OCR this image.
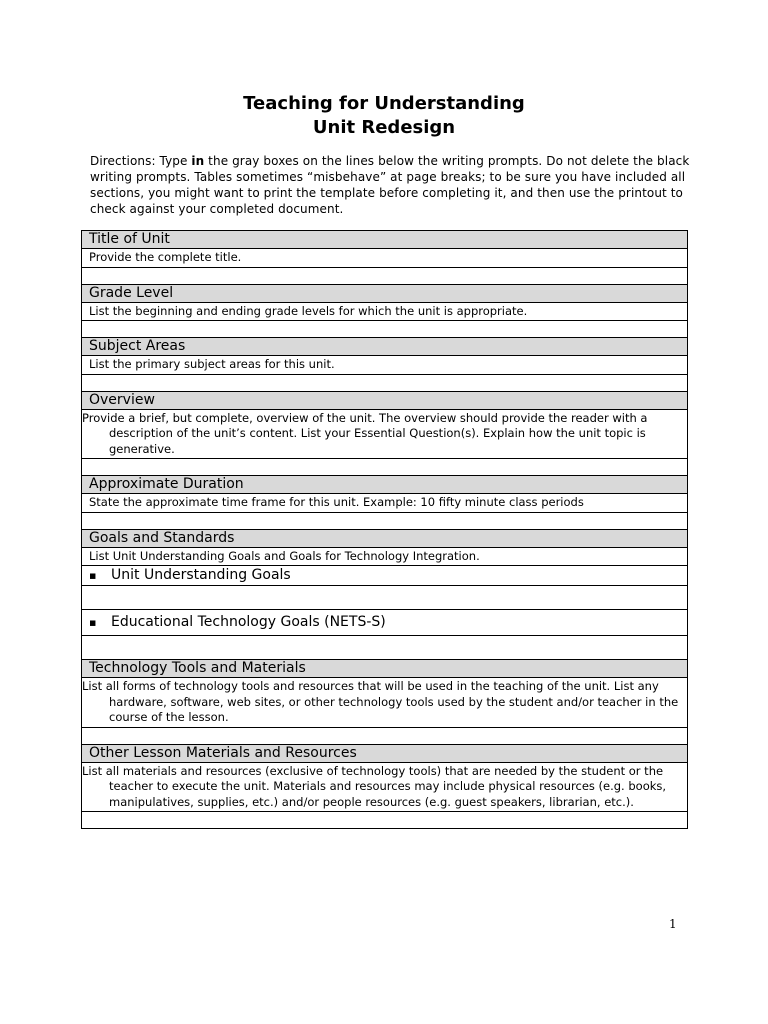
Teaching for Understanding
Unit Redesign
Directions: Type in the gray boxes on the lines below the writing prompts. Do not delete the black writing prompts. Tables sometimes “misbehave” at page breaks; to be sure you have included all sections, you might want to print the template before completing it, and then use the printout to check against your completed document.
Title of Unit
Provide the complete title.

Grade Level
List the beginning and ending grade levels for which the unit is appropriate.

Subject Areas
List the primary subject areas for this unit.

Overview
Provide a brief, but complete, overview of the unit. The overview should provide the reader with a description of the unit’s content. List your Essential Question(s). Explain how the unit topic is generative.

Approximate Duration
State the approximate time frame for this unit. Example: 10 fifty minute class periods

Goals and Standards
List Unit Understanding Goals and Goals for Technology Integration.
▪ Unit Understanding Goals

▪ Educational Technology Goals (NETS-S)

Technology Tools and Materials
List all forms of technology tools and resources that will be used in the teaching of the unit. List any hardware, software, web sites, or other technology tools used by the student and/or teacher in the course of the lesson.

Other Lesson Materials and Resources
List all materials and resources (exclusive of technology tools) that are needed by the student or the teacher to execute the unit. Materials and resources may include physical resources (e.g. books, manipulatives, supplies, etc.) and/or people resources (e.g. guest speakers, librarian, etc.).

1
